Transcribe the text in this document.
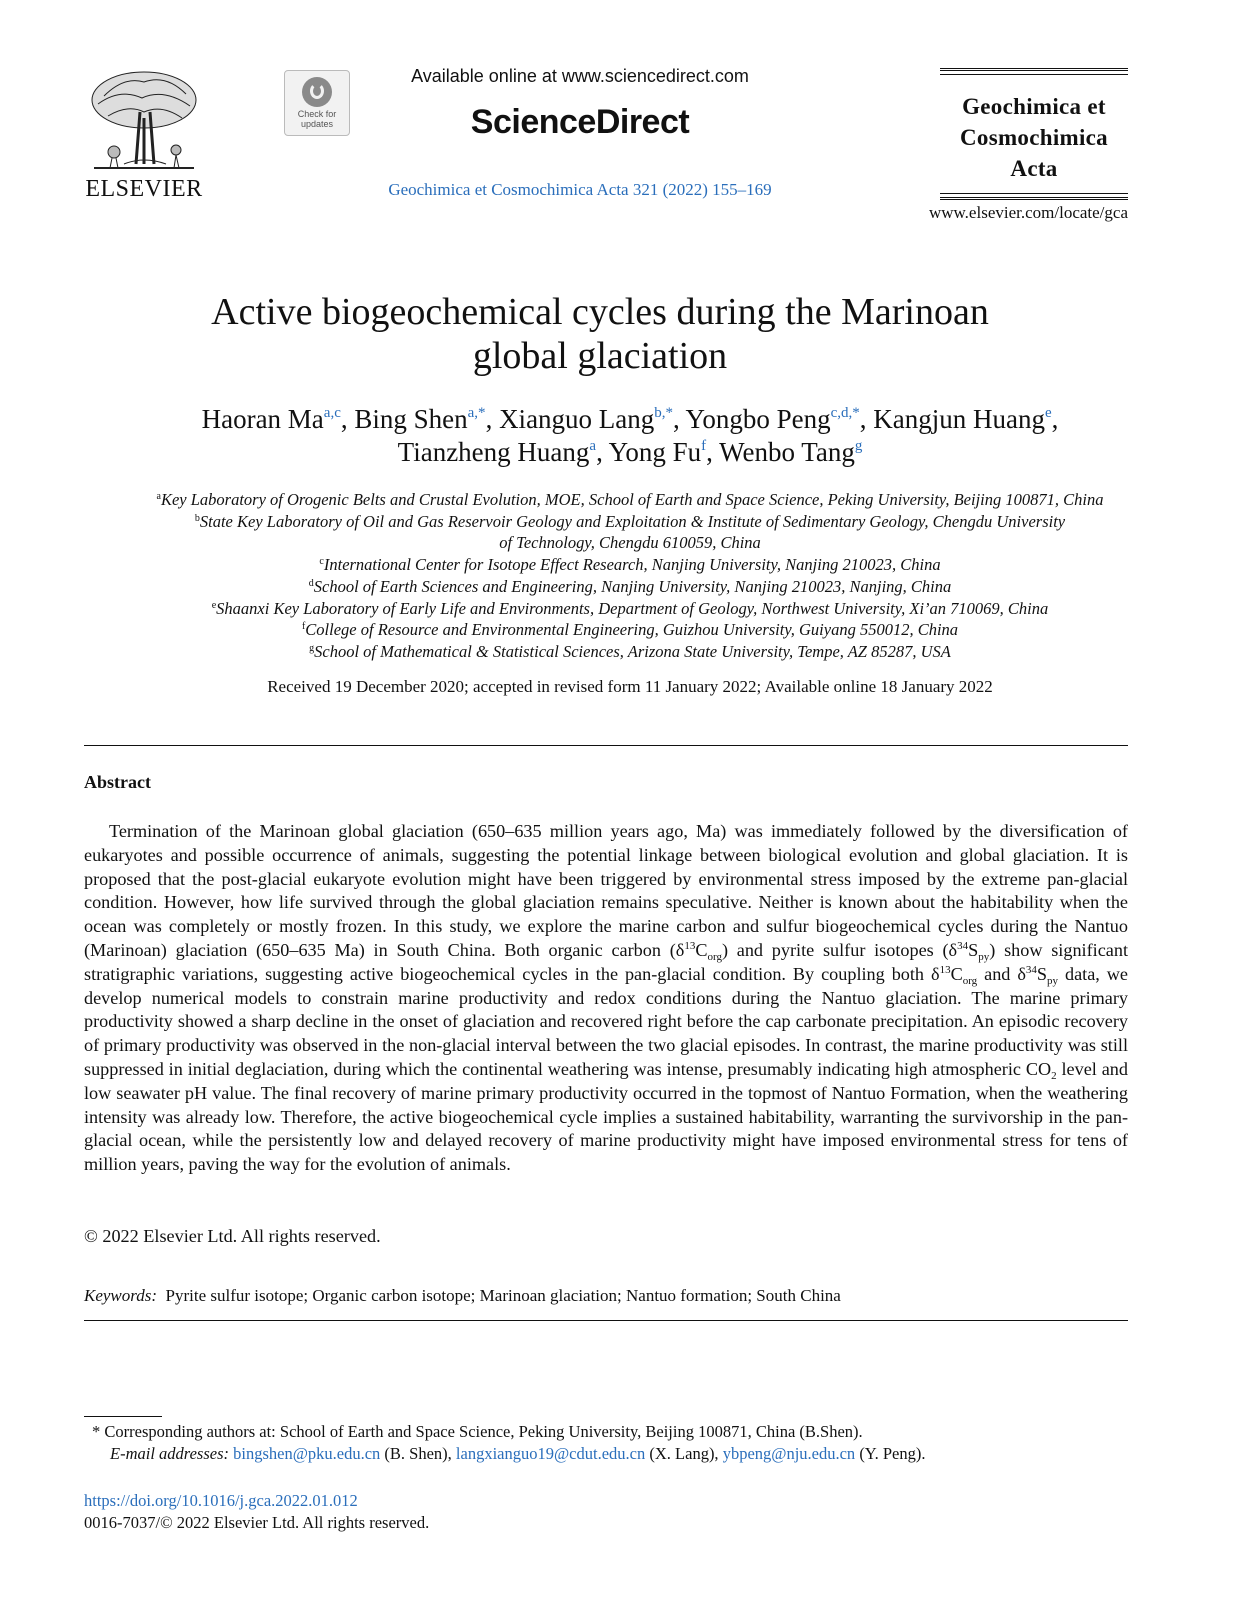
ELSEVIER
Check for
updates
Available online at www.sciencedirect.com
ScienceDirect
Geochimica et Cosmochimica Acta 321 (2022) 155–169
Geochimica et
Cosmochimica
Acta
www.elsevier.com/locate/gca
Active biogeochemical cycles during the Marinoan
global glaciation
Haoran Ma$^{a,c}$, Bing Shen$^{a,*}$, Xianguo Lang$^{b,*}$, Yongbo Peng$^{c,d,*}$, Kangjun Huang$^e$,
Tianzheng Huang$^a$, Yong Fu$^f$, Wenbo Tang$^g$
$^a$Key Laboratory of Orogenic Belts and Crustal Evolution, MOE, School of Earth and Space Science, Peking University, Beijing 100871, China
$^b$State Key Laboratory of Oil and Gas Reservoir Geology and Exploitation & Institute of Sedimentary Geology, Chengdu University
of Technology, Chengdu 610059, China
$^c$International Center for Isotope Effect Research, Nanjing University, Nanjing 210023, China
$^d$School of Earth Sciences and Engineering, Nanjing University, Nanjing 210023, Nanjing, China
$^e$Shaanxi Key Laboratory of Early Life and Environments, Department of Geology, Northwest University, Xi’an 710069, China
$^f$College of Resource and Environmental Engineering, Guizhou University, Guiyang 550012, China
$^g$School of Mathematical & Statistical Sciences, Arizona State University, Tempe, AZ 85287, USA
Received 19 December 2020; accepted in revised form 11 January 2022; Available online 18 January 2022
Abstract
Termination of the Marinoan global glaciation (650–635 million years ago, Ma) was immediately followed by the diversification of eukaryotes and possible occurrence of animals, suggesting the potential linkage between biological evolution and global glaciation. It is proposed that the post-glacial eukaryote evolution might have been triggered by environmental stress imposed by the extreme pan-glacial condition. However, how life survived through the global glaciation remains speculative. Neither is known about the habitability when the ocean was completely or mostly frozen. In this study, we explore the marine carbon and sulfur biogeochemical cycles during the Nantuo (Marinoan) glaciation (650–635 Ma) in South China. Both organic carbon $(\delta^{13}C_{org})$ and pyrite sulfur isotopes $(\delta^{34}S_{py})$ show significant stratigraphic variations, suggesting active biogeochemical cycles in the pan-glacial condition. By coupling both $\delta^{13}C_{org}$ and $\delta^{34}S_{py}$ data, we develop numerical models to constrain marine productivity and redox conditions during the Nantuo glaciation. The marine primary productivity showed a sharp decline in the onset of glaciation and recovered right before the cap carbonate precipitation. An episodic recovery of primary productivity was observed in the non-glacial interval between the two glacial episodes. In contrast, the marine productivity was still suppressed in initial deglaciation, during which the continental weathering was intense, presumably indicating high atmospheric $CO_2$ level and low seawater pH value. The final recovery of marine primary productivity occurred in the topmost of Nantuo Formation, when the weathering intensity was already low. Therefore, the active biogeochemical cycle implies a sustained habitability, warranting the survivorship in the pan-glacial ocean, while the persistently low and delayed recovery of marine productivity might have imposed environmental stress for tens of million years, paving the way for the evolution of animals.
© 2022 Elsevier Ltd. All rights reserved.
Keywords: Pyrite sulfur isotope; Organic carbon isotope; Marinoan glaciation; Nantuo formation; South China
* Corresponding authors at: School of Earth and Space Science, Peking University, Beijing 100871, China (B.Shen).
E-mail addresses: bingshen@pku.edu.cn (B. Shen), langxianguo19@cdut.edu.cn (X. Lang), ybpeng@nju.edu.cn (Y. Peng).
https://doi.org/10.1016/j.gca.2022.01.012
0016-7037/© 2022 Elsevier Ltd. All rights reserved.
